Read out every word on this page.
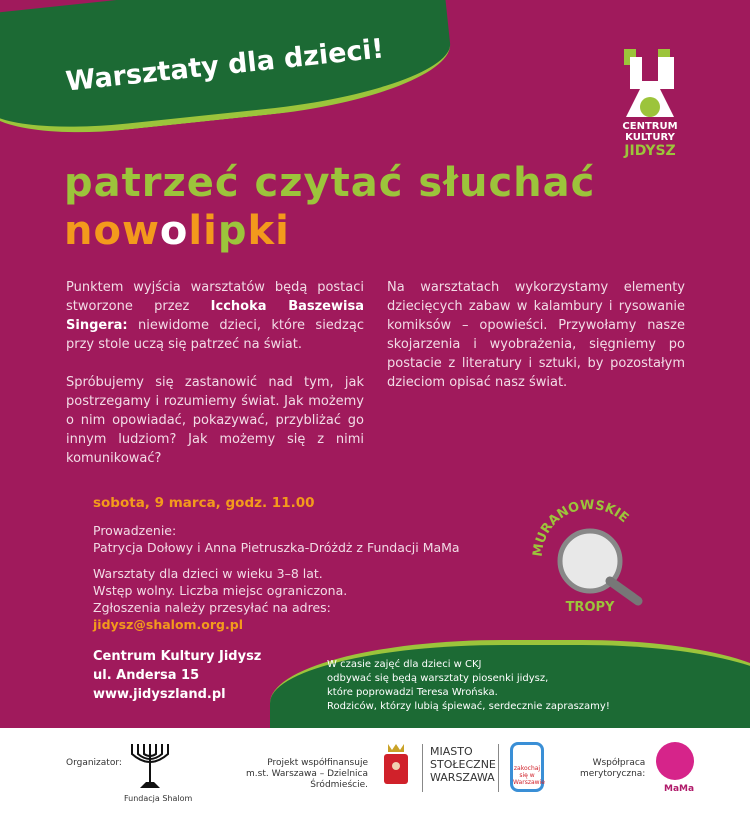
Warsztaty dla dzieci!
CENTRUM
KULTURY
JIDYSZ
patrzeć czytać słuchać
nowolipki

Punktem wyjścia warsztatów będą postaci stworzone przez Icchoka Baszewisa Singera: niewidome dzieci, które siedząc przy stole uczą się patrzeć na świat.

Spróbujemy się zastanowić nad tym, jak postrzegamy i rozumiemy świat. Jak możemy o nim opowiadać, pokazywać, przybliżać go innym ludziom? Jak możemy się z nimi komunikować?

Na warsztatach wykorzystamy elementy dziecięcych zabaw w kalambury i rysowanie komiksów – opowieści. Przywołamy nasze skojarzenia i wyobrażenia, sięgniemy po postacie z literatury i sztuki, by pozostałym dzieciom opisać nasz świat.

sobota, 9 marca, godz. 11.00

Prowadzenie:
Patrycja Dołowy i Anna Pietruszka-Dróżdż z Fundacji MaMa

Warsztaty dla dzieci w wieku 3–8 lat.
Wstęp wolny. Liczba miejsc ograniczona.
Zgłoszenia należy przesyłać na adres:
jidysz@shalom.org.pl
Centrum Kultury Jidysz
ul. Andersa 15
www.jidyszland.pl
MURANOWSKIE
TROPY
W czasie zajęć dla dzieci w CKJ
odbywać się będą warsztaty piosenki jidysz,
które poprowadzi Teresa Wrońska.
Rodziców, którzy lubią śpiewać, serdecznie zapraszamy!
Organizator:
Fundacja Shalom
Projekt współfinansuje
m.st. Warszawa – Dzielnica Śródmieście.
MIASTO
STOŁECZNE
WARSZAWA
zakochaj się w Warszawie
Współpraca
merytoryczna:
MaMa
